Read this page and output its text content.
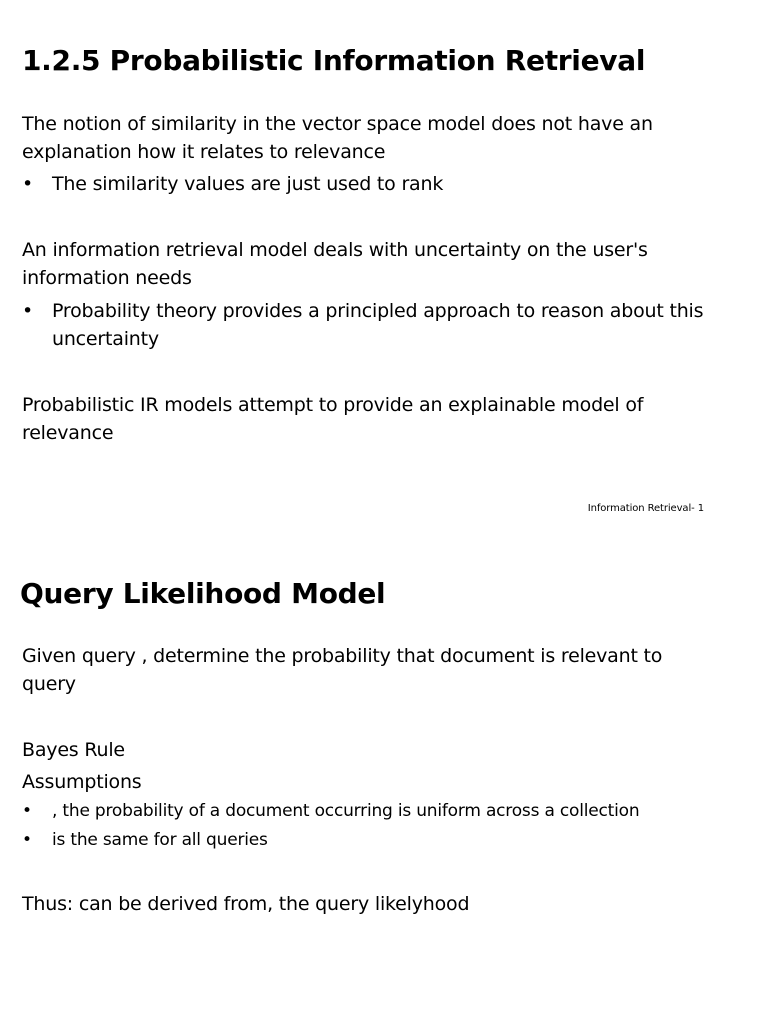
1.2.5 Probabilistic Information Retrieval

The notion of similarity in the vector space model does not have an explanation how it relates to relevance

• The similarity values are just used to rank

An information retrieval model deals with uncertainty on the user's information needs

• Probability theory provides a principled approach to reason about this uncertainty

Probabilistic IR models attempt to provide an explainable model of relevance

Information Retrieval- 1
Query Likelihood Model

Given query , determine the probability that document is relevant to query

Bayes Rule

Assumptions

• , the probability of a document occurring is uniform across a collection
• is the same for all queries

Thus: can be derived from, the query likelyhood
